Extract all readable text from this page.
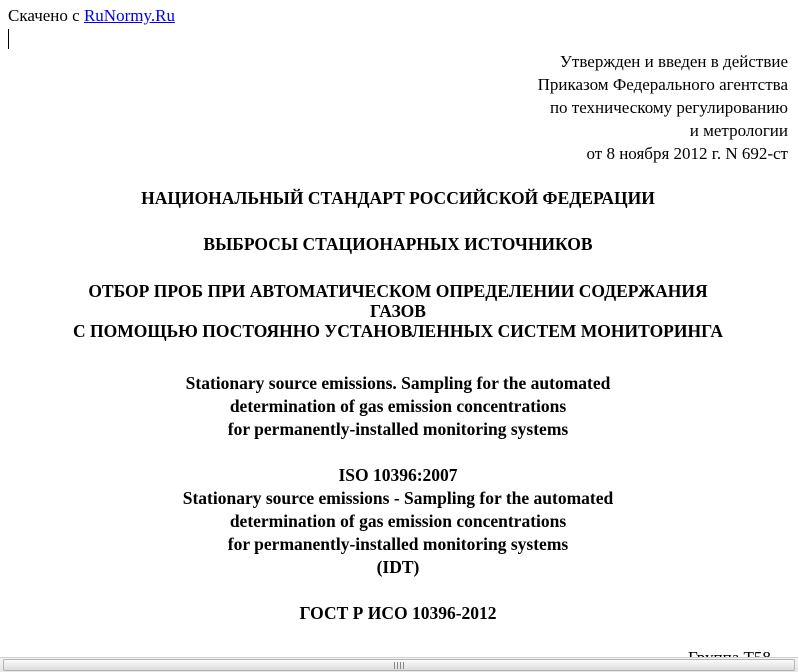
Скачено с RuNormy.Ru
Утвержден и введен в действие
Приказом Федерального агентства
по техническому регулированию
и метрологии
от 8 ноября 2012 г. N 692-ст
НАЦИОНАЛЬНЫЙ СТАНДАРТ РОССИЙСКОЙ ФЕДЕРАЦИИ
ВЫБРОСЫ СТАЦИОНАРНЫХ ИСТОЧНИКОВ
ОТБОР ПРОБ ПРИ АВТОМАТИЧЕСКОМ ОПРЕДЕЛЕНИИ СОДЕРЖАНИЯ
ГАЗОВ
С ПОМОЩЬЮ ПОСТОЯННО УСТАНОВЛЕННЫХ СИСТЕМ МОНИТОРИНГА
Stationary source emissions. Sampling for the automated
determination of gas emission concentrations
for permanently-installed monitoring systems
ISO 10396:2007
Stationary source emissions - Sampling for the automated
determination of gas emission concentrations
for permanently-installed monitoring systems
(IDT)
ГОСТ Р ИСО 10396-2012
